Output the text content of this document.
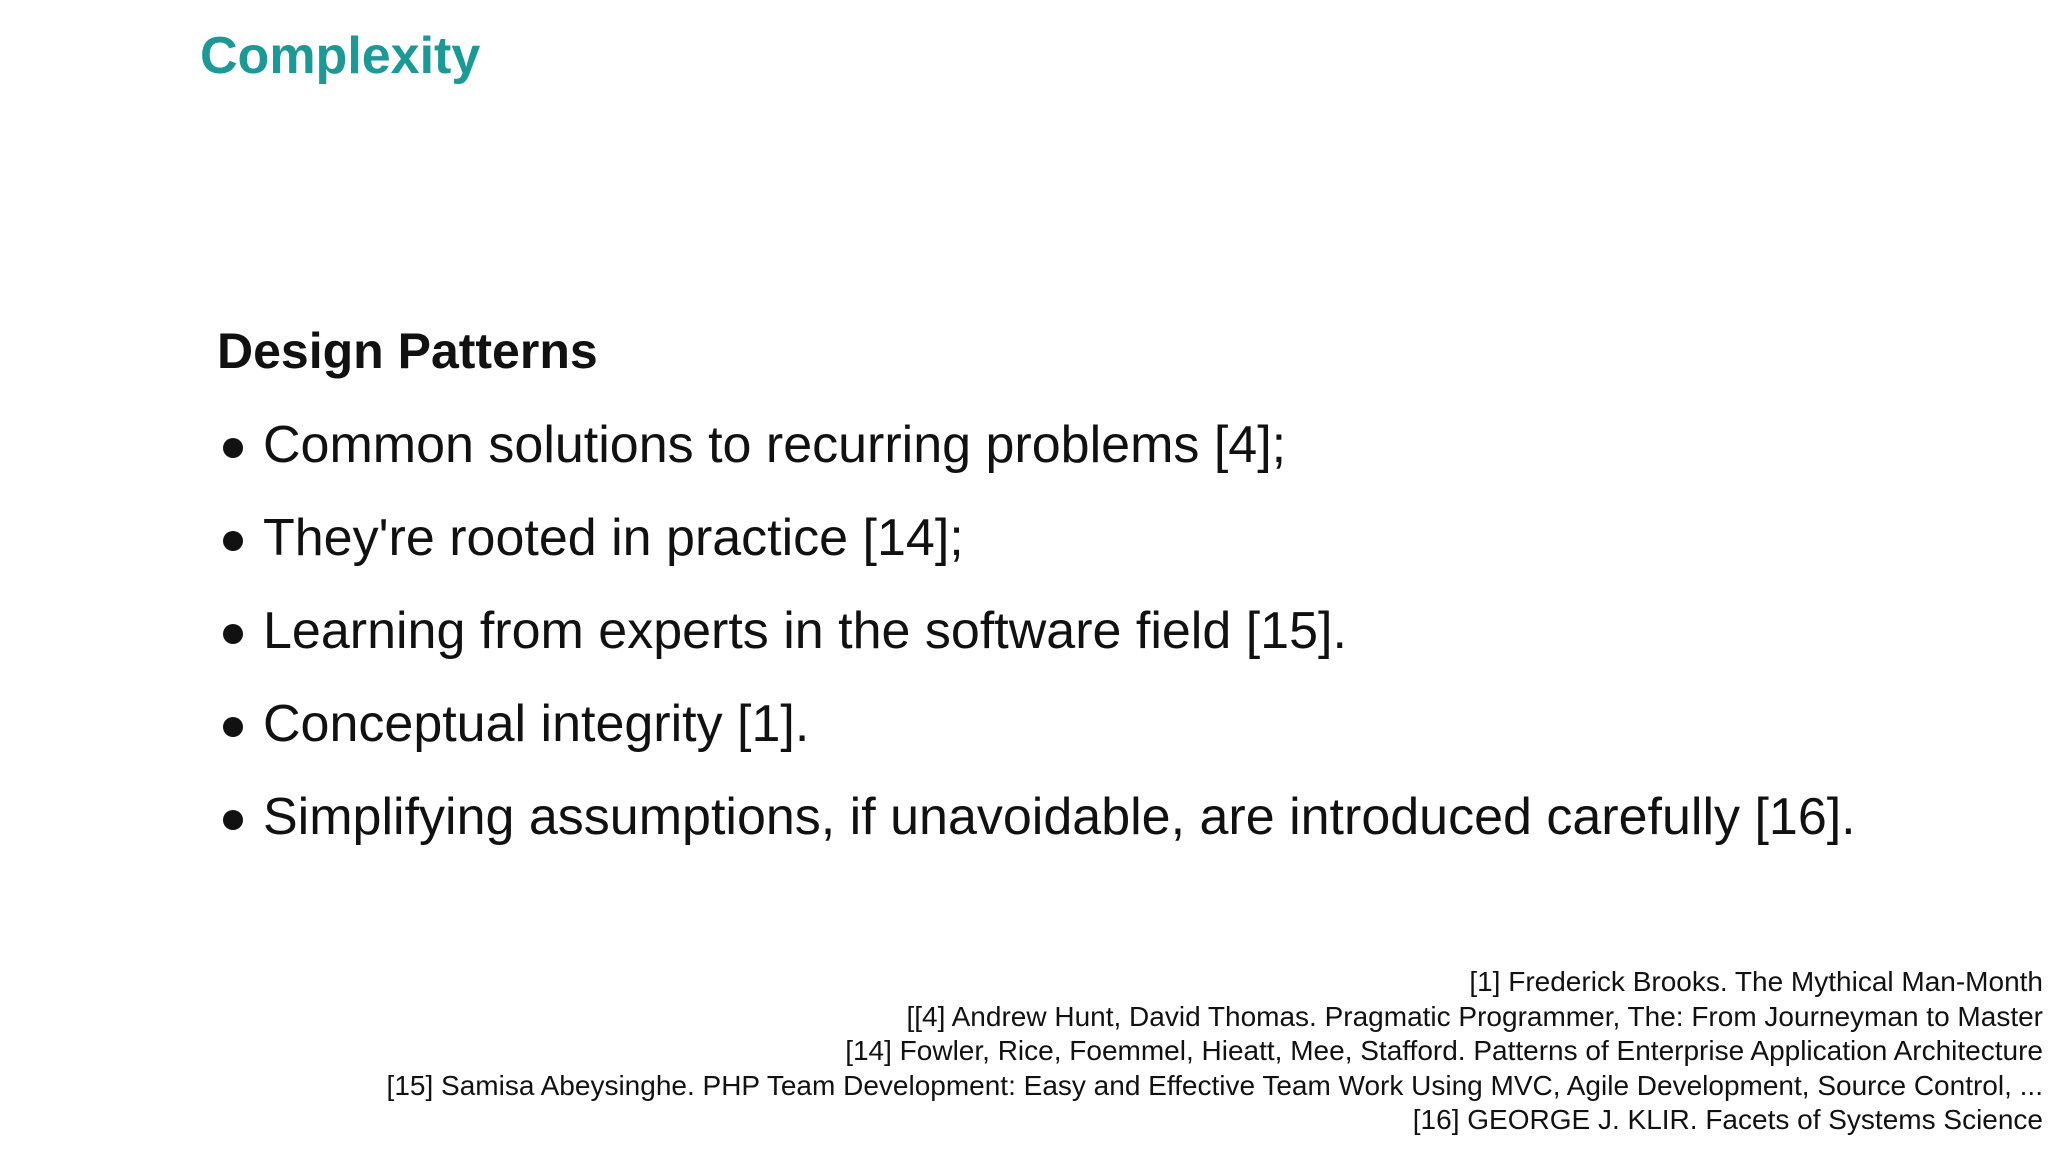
Complexity
Design Patterns
Common solutions to recurring problems [4];
They're rooted in practice [14];
Learning from experts in the software field [15].
Conceptual integrity [1].
Simplifying assumptions, if unavoidable, are introduced carefully [16].
[1] Frederick Brooks. The Mythical Man-Month
[[4] Andrew Hunt, David Thomas. Pragmatic Programmer, The: From Journeyman to Master
[14] Fowler, Rice, Foemmel, Hieatt, Mee, Stafford. Patterns of Enterprise Application Architecture
[15] Samisa Abeysinghe. PHP Team Development: Easy and Effective Team Work Using MVC, Agile Development, Source Control, ...
[16] GEORGE J. KLIR. Facets of Systems Science
